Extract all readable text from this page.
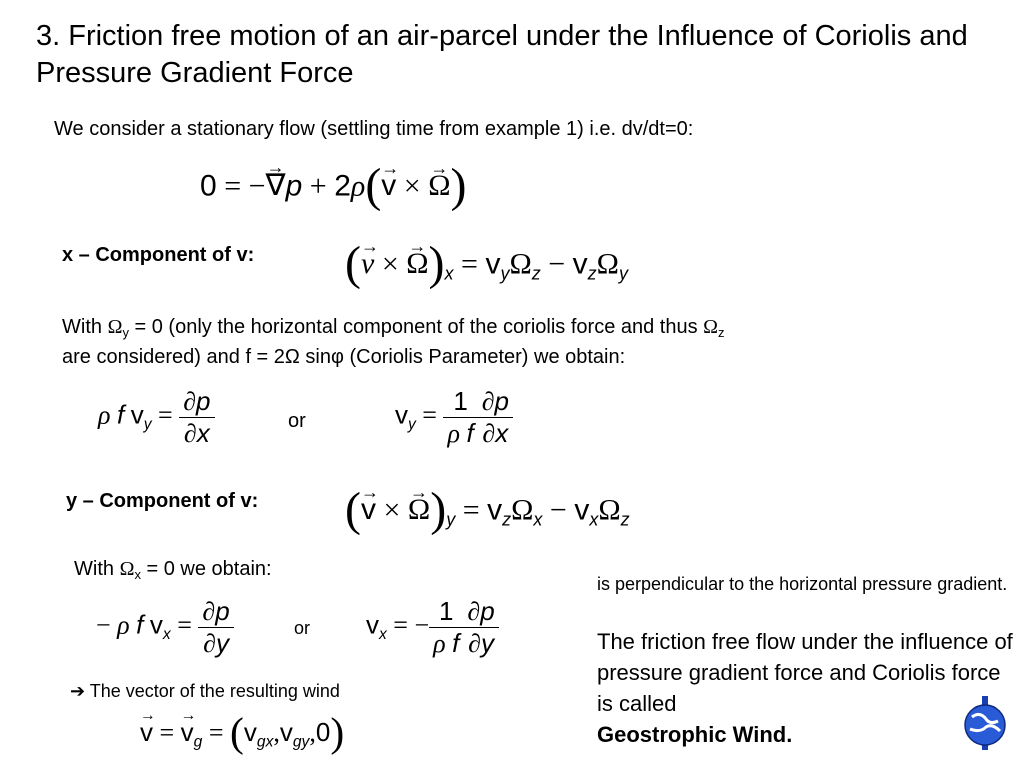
3. Friction free motion of an air-parcel under the Influence of Coriolis and Pressure Gradient Force
We consider a stationary flow (settling time from example 1) i.e. dv/dt=0:
0 = −→ ∇p + 2ρ(→ v × → Ω)
x – Component of v: (→ v × → $\Omega)_x = v_y\Omega_z - v_z\Omega_y$
With Ωy = 0 (only the horizontal component of the coriolis force and thus Ωz
are considered) and f = 2Ω sinφ (Coriolis Parameter) we obtain:
ρ f $v_y = \frac{\partial p}{\partial x}$	or	$v_y = \frac{1}{\text{ρ f}} \frac{\partial p}{\partial x}$
y – Component of v: (→ v × → $\Omega)_y = v_z\Omega_x - v_x\Omega_z$
With Ωx = 0 we obtain:
− ρ f $v_x = \frac{\partial p}{\partial y}$	or $v_x$ = − $\frac{1}{\text{ρ f}} \frac{\partial p}{\partial y}$
➔ The vector of the resulting wind
→ v = → $v_g = (v_{gx},v_{gy},0)$
is perpendicular to the horizontal pressure gradient.
The friction free flow under the influence of pressure gradient force and Coriolis force is called
Geostrophic Wind.
